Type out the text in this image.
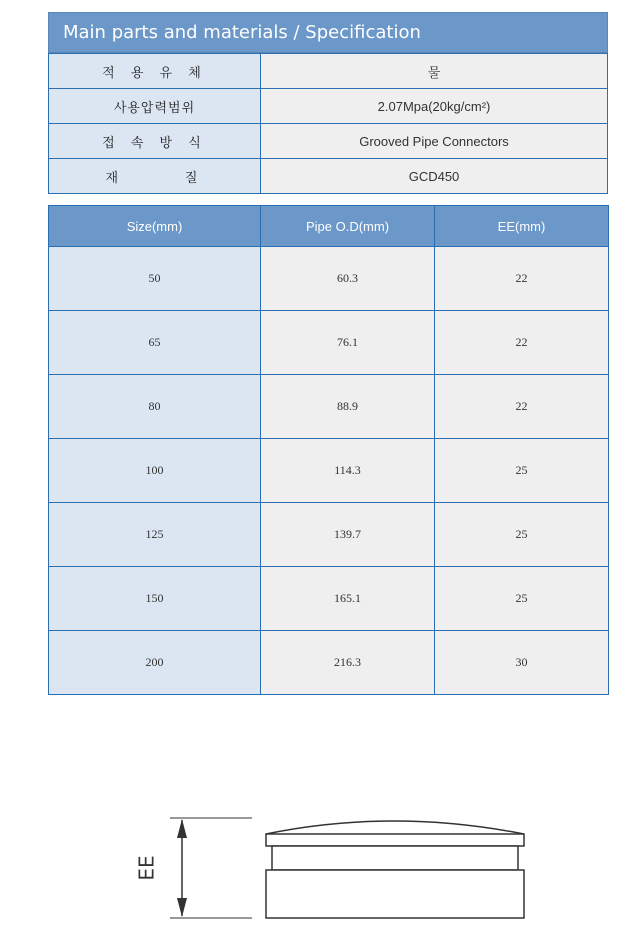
Main parts and materials / Specification
적 용 유 체	물
사용압력범위	2.07Mpa(20kg/cm²)
접 속 방 식	Grooved Pipe Connectors
재      질	GCD450
Size(mm)	Pipe O.D(mm)	EE(mm)
50	60.3	22
65	76.1	22
80	88.9	22
100	114.3	25
125	139.7	25
150	165.1	25
200	216.3	30
EE
